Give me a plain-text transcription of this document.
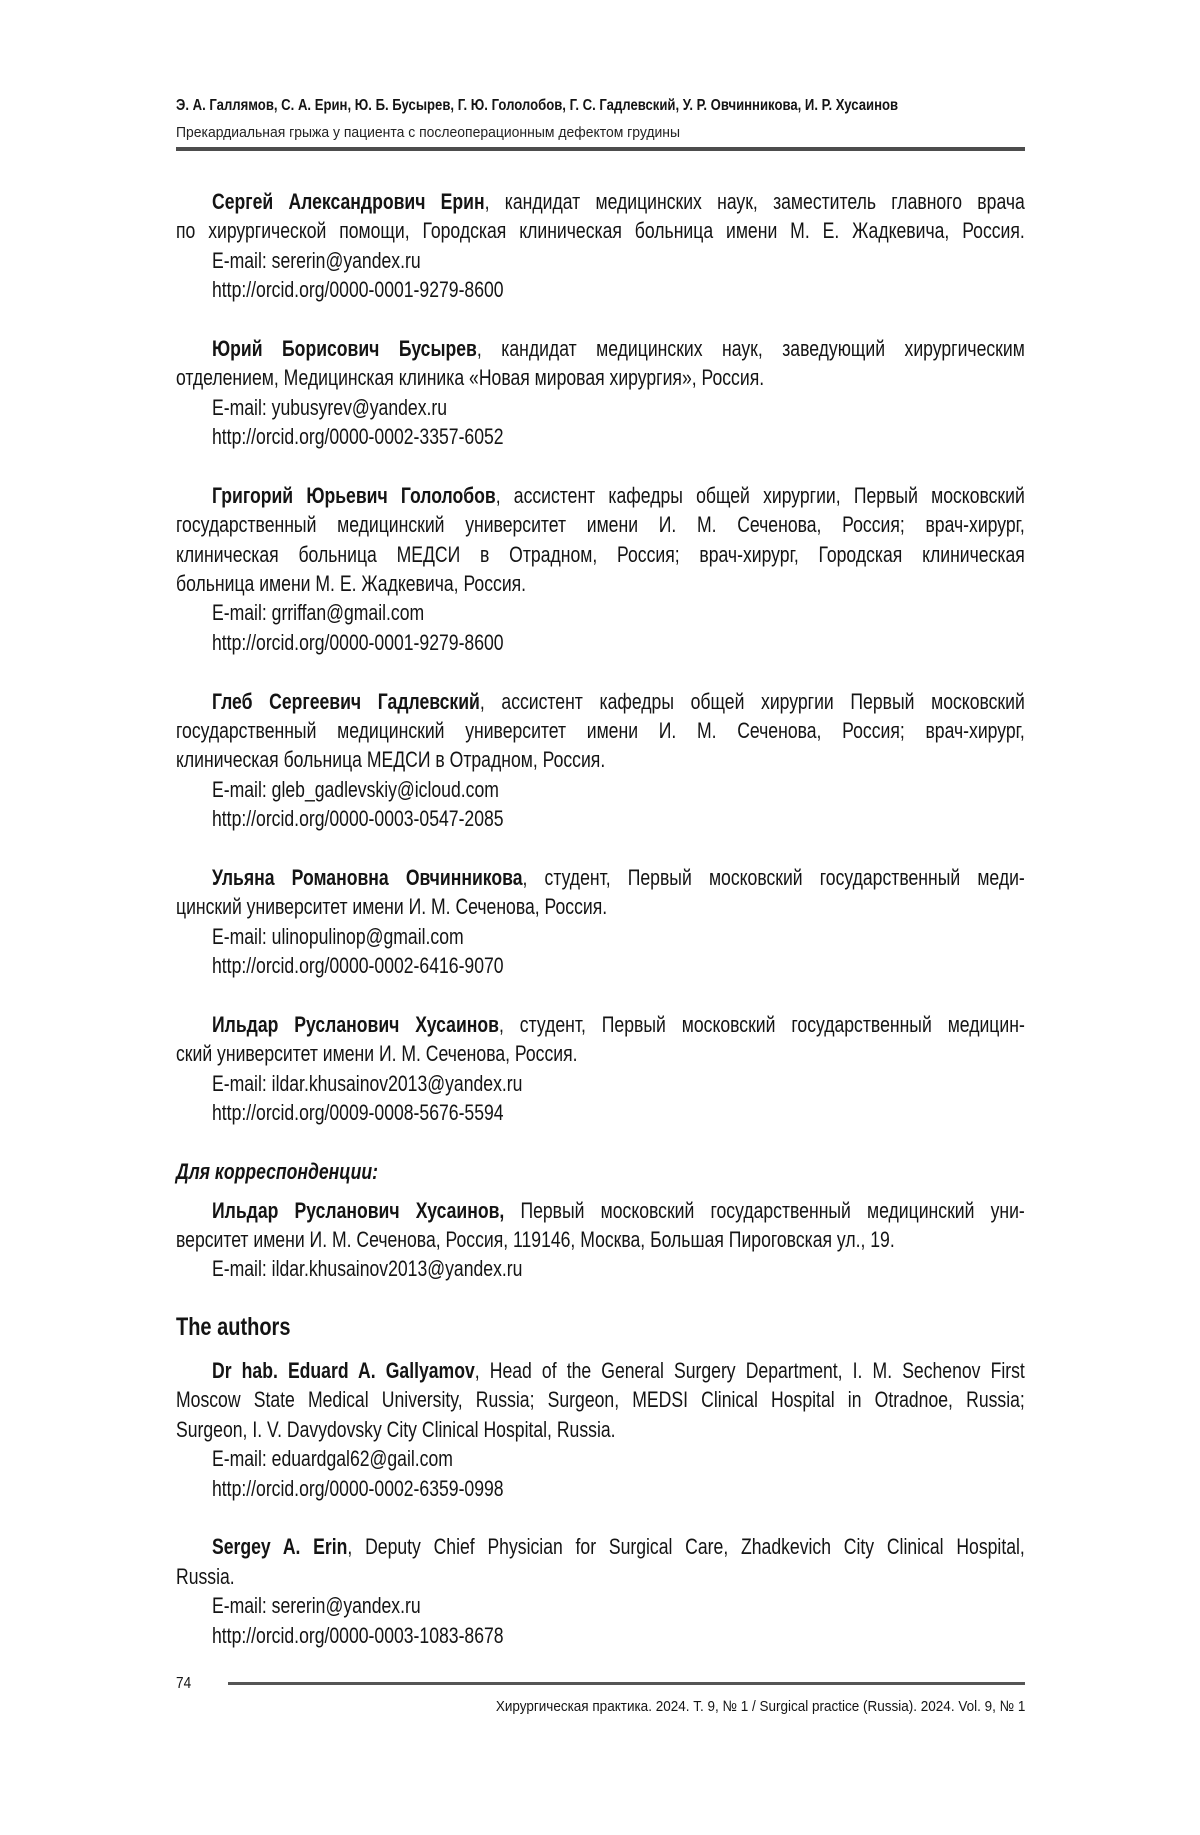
Э. А. Галлямов, С. А. Ерин, Ю. Б. Бусырев, Г. Ю. Гололобов, Г. С. Гадлевский, У. Р. Овчинникова, И. Р. Хусаинов
Прекардиальная грыжа у пациента с послеоперационным дефектом грудины
Сергей Александрович Ерин, кандидат медицинских наук, заместитель главного врача
по хирургической помощи, Городская клиническая больница имени М. Е. Жадкевича, Россия.
E-mail: sererin@yandex.ru
http://orcid.org/0000-0001-9279-8600
Юрий Борисович Бусырев, кандидат медицинских наук, заведующий хирургическим
отделением, Медицинская клиника «Новая мировая хирургия», Россия.
E-mail: yubusyrev@yandex.ru
http://orcid.org/0000-0002-3357-6052
Григорий Юрьевич Гололобов, ассистент кафедры общей хирургии, Первый московский
государственный медицинский университет имени И. М. Сеченова, Россия; врач-хирург,
клиническая больница МЕДСИ в Отрадном, Россия; врач-хирург, Городская клиническая
больница имени М. Е. Жадкевича, Россия.
E-mail: grriffan@gmail.com
http://orcid.org/0000-0001-9279-8600
Глеб Сергеевич Гадлевский, ассистент кафедры общей хирургии Первый московский
государственный медицинский университет имени И. М. Сеченова, Россия; врач-хирург,
клиническая больница МЕДСИ в Отрадном, Россия.
E-mail: gleb_gadlevskiy@icloud.com
http://orcid.org/0000-0003-0547-2085
Ульяна Романовна Овчинникова, студент, Первый московский государственный меди-
цинский университет имени И. М. Сеченова, Россия.
E-mail: ulinopulinop@gmail.com
http://orcid.org/0000-0002-6416-9070
Ильдар Русланович Хусаинов, студент, Первый московский государственный медицин-
ский университет имени И. М. Сеченова, Россия.
E-mail: ildar.khusainov2013@yandex.ru
http://orcid.org/0009-0008-5676-5594
Для корреспонденции:
Ильдар Русланович Хусаинов, Первый московский государственный медицинский уни-
верситет имени И. М. Сеченова, Россия, 119146, Москва, Большая Пироговская ул., 19.
E-mail: ildar.khusainov2013@yandex.ru
The authors
Dr hab. Eduard A. Gallyamov, Head of the General Surgery Department, I. M. Sechenov First
Moscow State Medical University, Russia; Surgeon, MEDSI Clinical Hospital in Otradnoe, Russia;
Surgeon, I. V. Davydovsky City Clinical Hospital, Russia.
E-mail: eduardgal62@gail.com
http://orcid.org/0000-0002-6359-0998
Sergey A. Erin, Deputy Chief Physician for Surgical Care, Zhadkevich City Clinical Hospital,
Russia.
E-mail: sererin@yandex.ru
http://orcid.org/0000-0003-1083-8678
74
Хирургическая практика. 2024. Т. 9, № 1 / Surgical practice (Russia). 2024. Vol. 9, № 1
